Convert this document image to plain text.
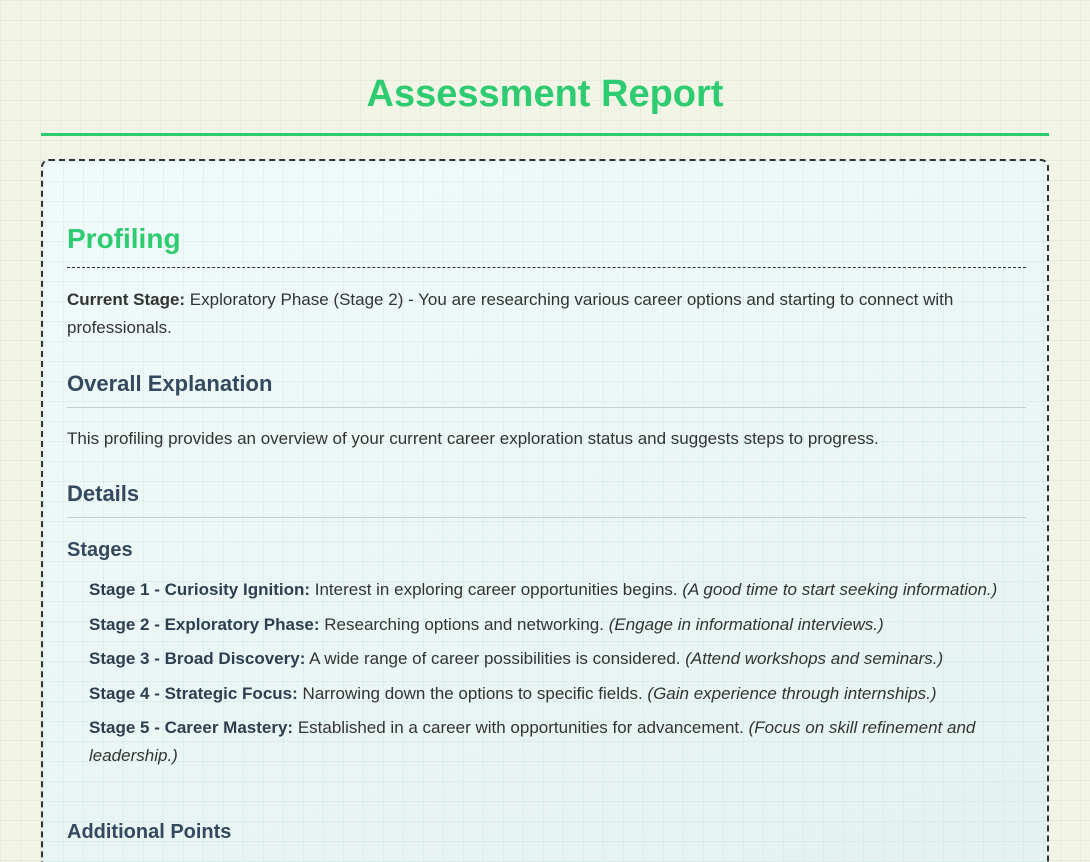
Assessment Report
Profiling

Current Stage: Exploratory Phase (Stage 2) - You are researching various career options and starting to connect with professionals.

Overall Explanation

This profiling provides an overview of your current career exploration status and suggests steps to progress.

Details
Stages
Stage 1 - Curiosity Ignition: Interest in exploring career opportunities begins. (A good time to start seeking information.)
Stage 2 - Exploratory Phase: Researching options and networking. (Engage in informational interviews.)
Stage 3 - Broad Discovery: A wide range of career possibilities is considered. (Attend workshops and seminars.)
Stage 4 - Strategic Focus: Narrowing down the options to specific fields. (Gain experience through internships.)
Stage 5 - Career Mastery: Established in a career with opportunities for advancement. (Focus on skill refinement and leadership.)
Additional Points
